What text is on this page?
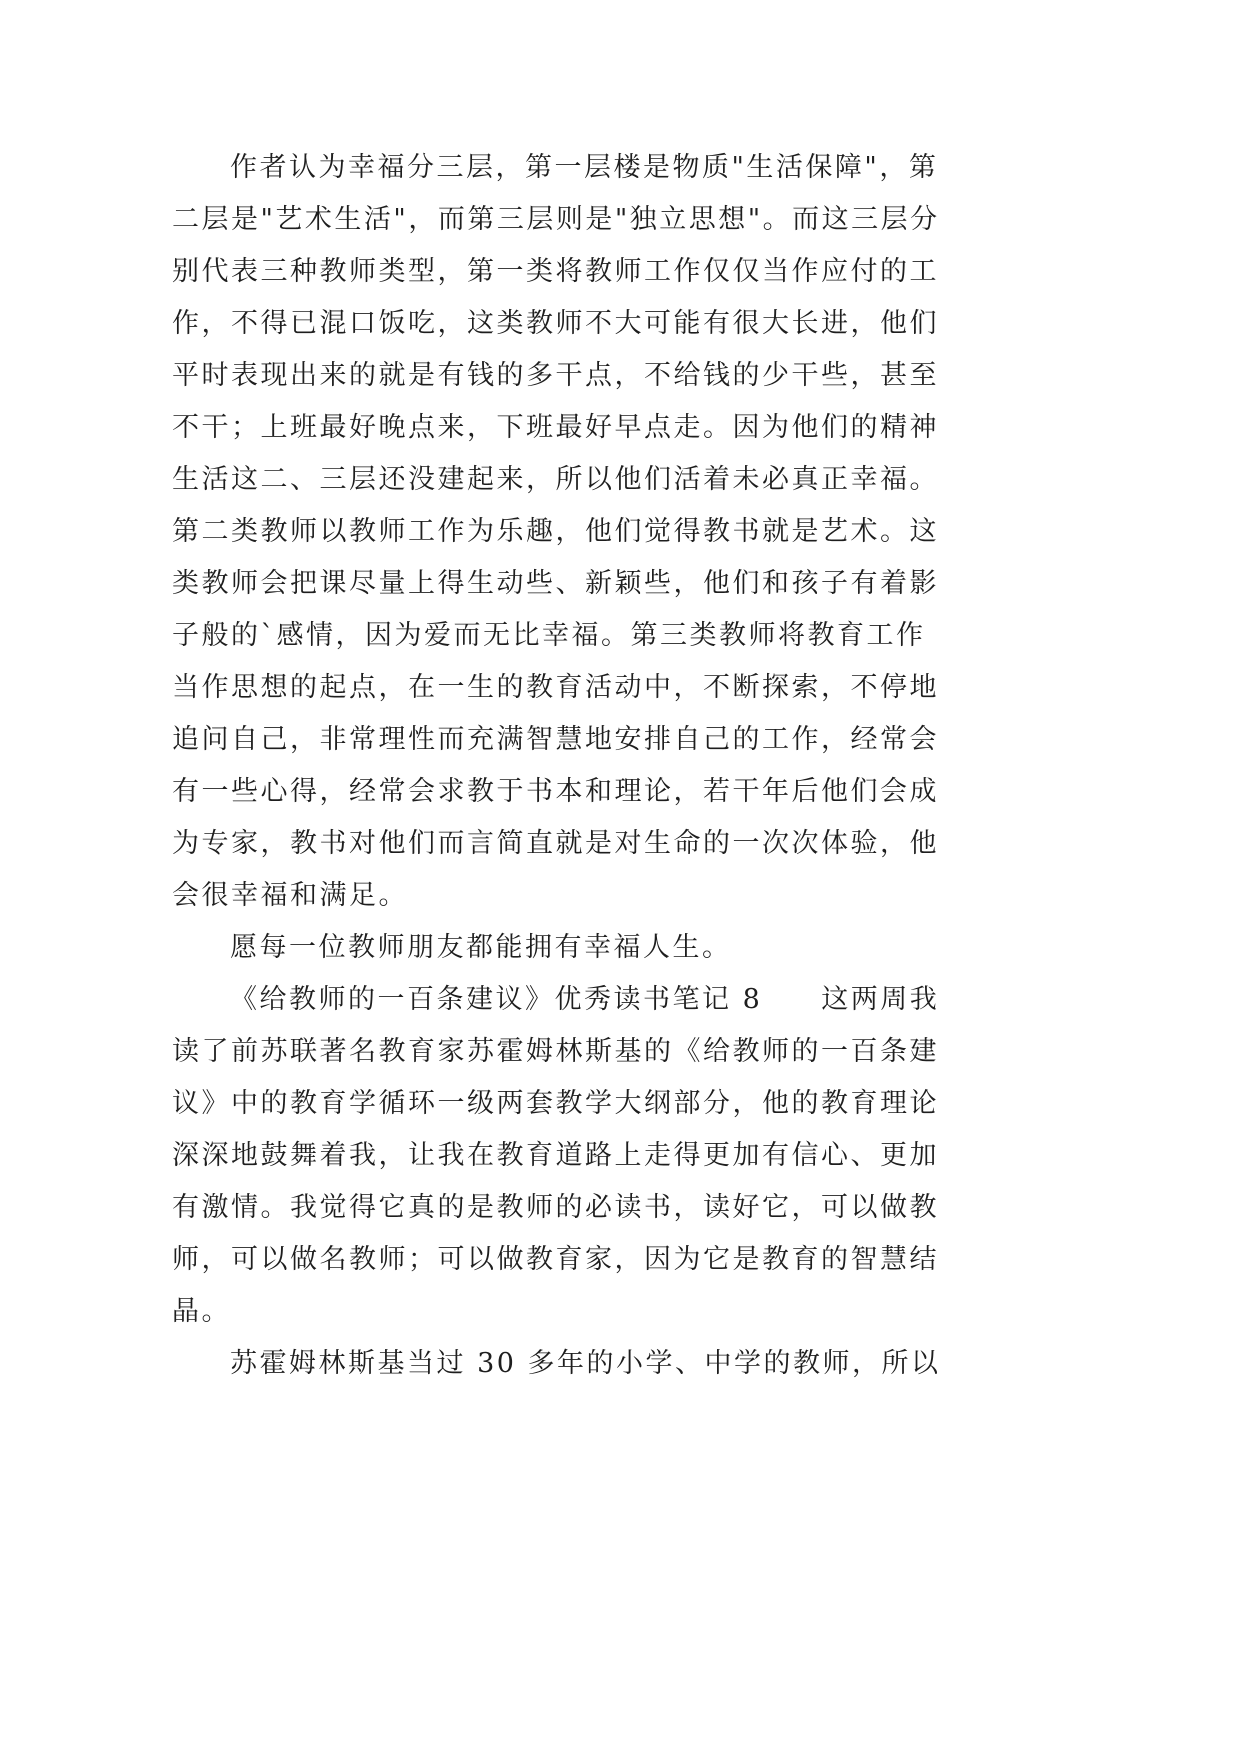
作者认为幸福分三层，第一层楼是物质"生活保障"，第
二层是"艺术生活"，而第三层则是"独立思想"。而这三层分
别代表三种教师类型，第一类将教师工作仅仅当作应付的工
作，不得已混口饭吃，这类教师不大可能有很大长进，他们
平时表现出来的就是有钱的多干点，不给钱的少干些，甚至
不干；上班最好晚点来，下班最好早点走。因为他们的精神
生活这二、三层还没建起来，所以他们活着未必真正幸福。
第二类教师以教师工作为乐趣，他们觉得教书就是艺术。这
类教师会把课尽量上得生动些、新颖些，他们和孩子有着影
子般的`感情，因为爱而无比幸福。第三类教师将教育工作
当作思想的起点，在一生的教育活动中，不断探索，不停地
追问自己，非常理性而充满智慧地安排自己的工作，经常会
有一些心得，经常会求教于书本和理论，若干年后他们会成
为专家，教书对他们而言简直就是对生命的一次次体验，他
会很幸福和满足。
愿每一位教师朋友都能拥有幸福人生。
《给教师的一百条建议》优秀读书笔记 8　　这两周我
读了前苏联著名教育家苏霍姆林斯基的《给教师的一百条建
议》中的教育学循环一级两套教学大纲部分，他的教育理论
深深地鼓舞着我，让我在教育道路上走得更加有信心、更加
有激情。我觉得它真的是教师的必读书，读好它，可以做教
师，可以做名教师；可以做教育家，因为它是教育的智慧结
晶。
苏霍姆林斯基当过 30 多年的小学、中学的教师，所以
